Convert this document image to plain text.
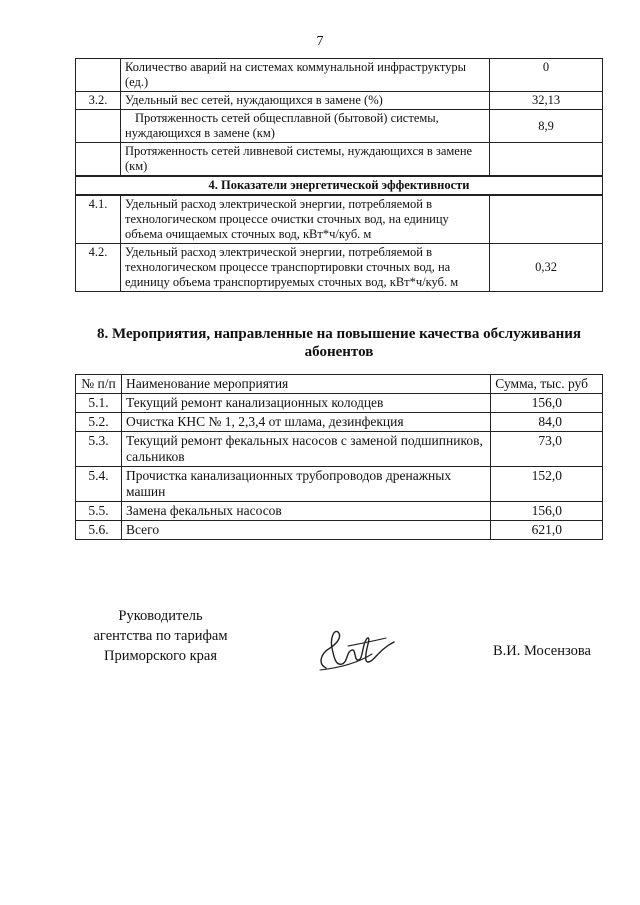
7
	Количество аварий на системах коммунальной инфраструктуры (ед.)	0
3.2.	Удельный вес сетей, нуждающихся в замене (%)	32,13
	Протяженность сетей общесплавной (бытовой) системы, нуждающихся в замене (км)	8,9
	Протяженность сетей ливневой системы, нуждающихся в замене (км)	
4. Показатели энергетической эффективности		
4.1.	Удельный расход электрической энергии, потребляемой в технологическом процессе очистки сточных вод, на единицу объема очищаемых сточных вод, кВт*ч/куб. м	
4.2.	Удельный расход электрической энергии, потребляемой в технологическом процессе транспортировки сточных вод, на единицу объема транспортируемых сточных вод, кВт*ч/куб. м	0,32
8. Мероприятия, направленные на повышение качества обслуживания абонентов
№ п/п	Наименование мероприятия	Сумма, тыс. руб
5.1.	Текущий ремонт канализационных колодцев	156,0
5.2.	Очистка КНС № 1, 2,3,4 от шлама, дезинфекция	84,0
5.3.	Текущий ремонт фекальных насосов с заменой подшипников, сальников	73,0
5.4.	Прочистка канализационных трубопроводов дренажных машин	152,0
5.5.	Замена фекальных насосов	156,0
5.6.	Всего	621,0
Руководитель
агентства по тарифам
Приморского края	В.И. Мосензова
